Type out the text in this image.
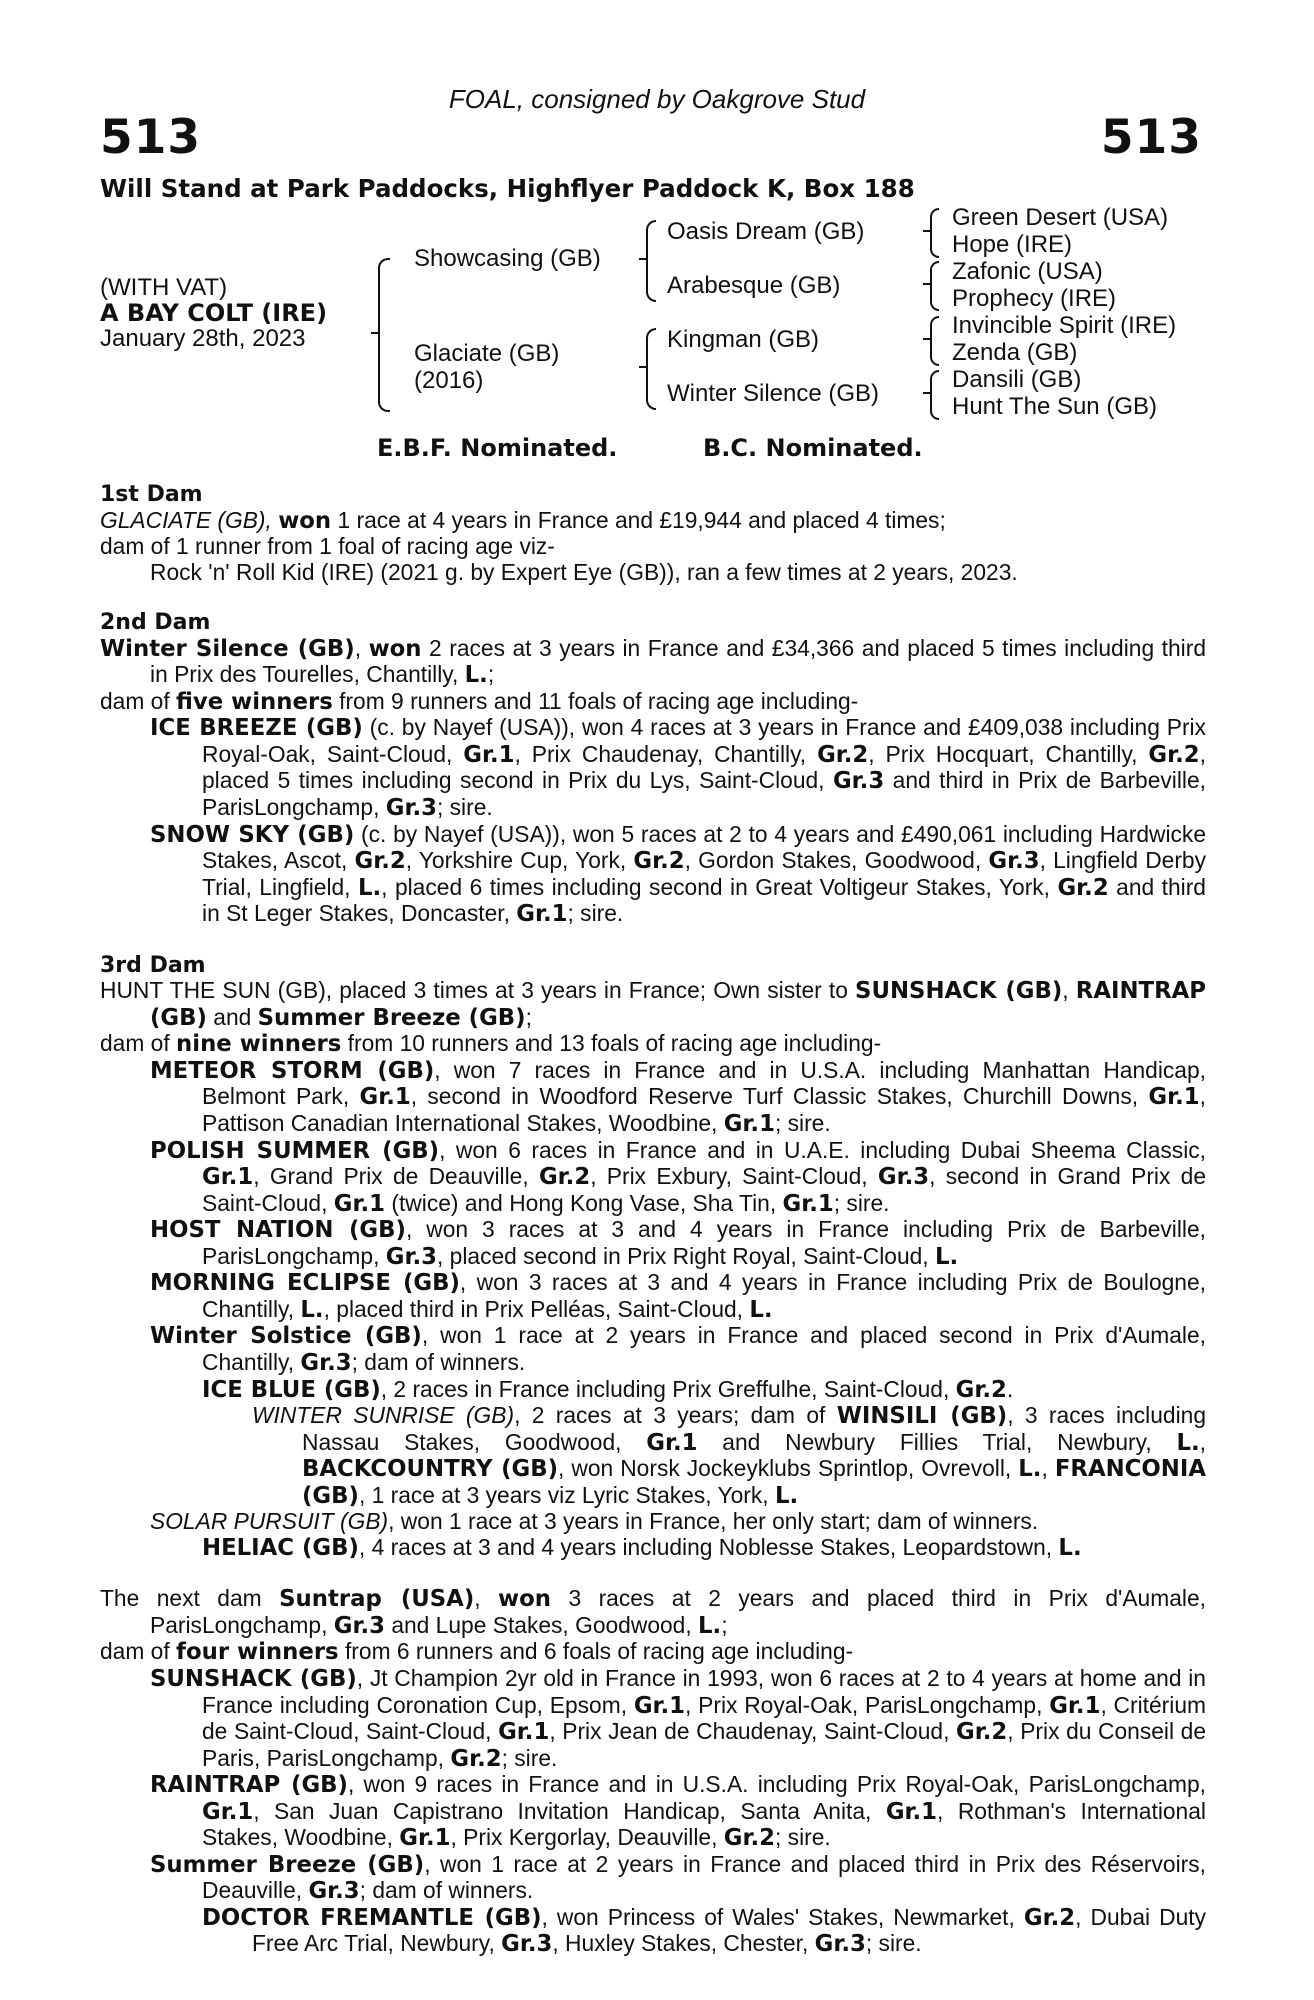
FOAL, consigned by Oakgrove Stud
513	513
Will Stand at Park Paddocks, Highflyer Paddock K, Box 188
(WITH VAT)
A BAY COLT (IRE)
January 28th, 2023
Showcasing (GB)
Glaciate (GB)
(2016)
Oasis Dream (GB)
Arabesque (GB)
Kingman (GB)
Winter Silence (GB)
Green Desert (USA)
Hope (IRE)
Zafonic (USA)
Prophecy (IRE)
Invincible Spirit (IRE)
Zenda (GB)
Dansili (GB)
Hunt The Sun (GB)
E.B.F. Nominated.	B.C. Nominated.

1st Dam

GLACIATE (GB), won 1 race at 4 years in France and £19,944 and placed 4 times;

dam of 1 runner from 1 foal of racing age viz-

Rock 'n' Roll Kid (IRE) (2021 g. by Expert Eye (GB)), ran a few times at 2 years, 2023.

2nd Dam

Winter Silence (GB), won 2 races at 3 years in France and £34,366 and placed 5 times including third in Prix des Tourelles, Chantilly, L.;

dam of five winners from 9 runners and 11 foals of racing age including-

ICE BREEZE (GB) (c. by Nayef (USA)), won 4 races at 3 years in France and £409,038 including Prix Royal-Oak, Saint-Cloud, Gr.1, Prix Chaudenay, Chantilly, Gr.2, Prix Hocquart, Chantilly, Gr.2, placed 5 times including second in Prix du Lys, Saint-Cloud, Gr.3 and third in Prix de Barbeville, ParisLongchamp, Gr.3; sire.

SNOW SKY (GB) (c. by Nayef (USA)), won 5 races at 2 to 4 years and £490,061 including Hardwicke Stakes, Ascot, Gr.2, Yorkshire Cup, York, Gr.2, Gordon Stakes, Goodwood, Gr.3, Lingfield Derby Trial, Lingfield, L., placed 6 times including second in Great Voltigeur Stakes, York, Gr.2 and third in St Leger Stakes, Doncaster, Gr.1; sire.

3rd Dam

HUNT THE SUN (GB), placed 3 times at 3 years in France; Own sister to SUNSHACK (GB), RAINTRAP (GB) and Summer Breeze (GB);

dam of nine winners from 10 runners and 13 foals of racing age including-

METEOR STORM (GB), won 7 races in France and in U.S.A. including Manhattan Handicap, Belmont Park, Gr.1, second in Woodford Reserve Turf Classic Stakes, Churchill Downs, Gr.1, Pattison Canadian International Stakes, Woodbine, Gr.1; sire.

POLISH SUMMER (GB), won 6 races in France and in U.A.E. including Dubai Sheema Classic, Gr.1, Grand Prix de Deauville, Gr.2, Prix Exbury, Saint-Cloud, Gr.3, second in Grand Prix de Saint-Cloud, Gr.1 (twice) and Hong Kong Vase, Sha Tin, Gr.1; sire.

HOST NATION (GB), won 3 races at 3 and 4 years in France including Prix de Barbeville, ParisLongchamp, Gr.3, placed second in Prix Right Royal, Saint-Cloud, L.

MORNING ECLIPSE (GB), won 3 races at 3 and 4 years in France including Prix de Boulogne, Chantilly, L., placed third in Prix Pelléas, Saint-Cloud, L.

Winter Solstice (GB), won 1 race at 2 years in France and placed second in Prix d'Aumale, Chantilly, Gr.3; dam of winners.

ICE BLUE (GB), 2 races in France including Prix Greffulhe, Saint-Cloud, Gr.2.

WINTER SUNRISE (GB), 2 races at 3 years; dam of WINSILI (GB), 3 races including Nassau Stakes, Goodwood, Gr.1 and Newbury Fillies Trial, Newbury, L., BACKCOUNTRY (GB), won Norsk Jockeyklubs Sprintlop, Ovrevoll, L., FRANCONIA (GB), 1 race at 3 years viz Lyric Stakes, York, L.

SOLAR PURSUIT (GB), won 1 race at 3 years in France, her only start; dam of winners.

HELIAC (GB), 4 races at 3 and 4 years including Noblesse Stakes, Leopardstown, L.

The next dam Suntrap (USA), won 3 races at 2 years and placed third in Prix d'Aumale, ParisLongchamp, Gr.3 and Lupe Stakes, Goodwood, L.;

dam of four winners from 6 runners and 6 foals of racing age including-

SUNSHACK (GB), Jt Champion 2yr old in France in 1993, won 6 races at 2 to 4 years at home and in France including Coronation Cup, Epsom, Gr.1, Prix Royal-Oak, ParisLongchamp, Gr.1, Critérium de Saint-Cloud, Saint-Cloud, Gr.1, Prix Jean de Chaudenay, Saint-Cloud, Gr.2, Prix du Conseil de Paris, ParisLongchamp, Gr.2; sire.

RAINTRAP (GB), won 9 races in France and in U.S.A. including Prix Royal-Oak, ParisLongchamp, Gr.1, San Juan Capistrano Invitation Handicap, Santa Anita, Gr.1, Rothman's International Stakes, Woodbine, Gr.1, Prix Kergorlay, Deauville, Gr.2; sire.

Summer Breeze (GB), won 1 race at 2 years in France and placed third in Prix des Réservoirs, Deauville, Gr.3; dam of winners.

DOCTOR FREMANTLE (GB), won Princess of Wales' Stakes, Newmarket, Gr.2, Dubai Duty Free Arc Trial, Newbury, Gr.3, Huxley Stakes, Chester, Gr.3; sire.
